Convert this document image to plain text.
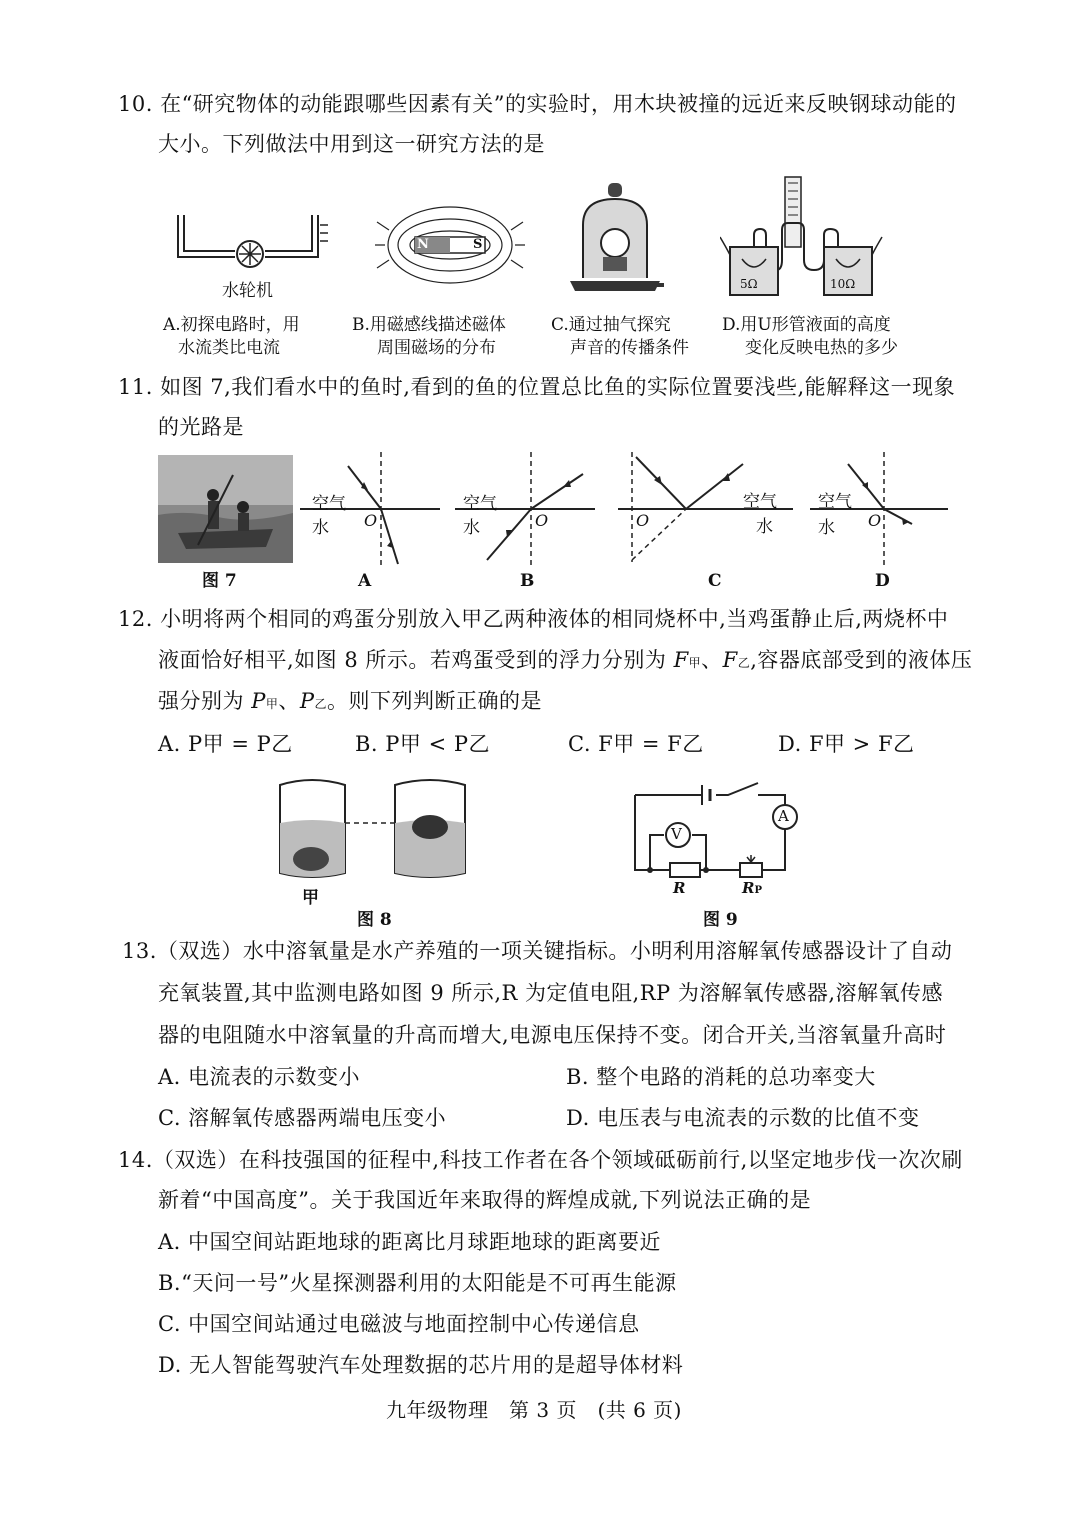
10. 在“研究物体的动能跟哪些因素有关”的实验时，用木块被撞的远近来反映钢球动能的
大小。下列做法中用到这一研究方法的是
水轮机
N	S
5Ω	10Ω
A.初探电路时，用
水流类比电流
B.用磁感线描述磁体
周围磁场的分布
C.通过抽气探究
声音的传播条件
D.用U形管液面的高度
变化反映电热的多少
11. 如图 7,我们看水中的鱼时,看到的鱼的位置总比鱼的实际位置要浅些,能解释这一现象
的光路是
图 7
空气
水 O
A
空气
水	O
B
O
空气
水
C
空气
水 O
D
12. 小明将两个相同的鸡蛋分别放入甲乙两种液体的相同烧杯中,当鸡蛋静止后,两烧杯中
液面恰好相平,如图 8 所示。若鸡蛋受到的浮力分别为 F甲、F乙,容器底部受到的液体压
强分别为 P甲、P乙。则下列判断正确的是
A. P甲 = P乙	B. P甲 < P乙	C. F甲 = F乙	D. F甲 > F乙
甲
图 8
V
A
R	RP
图 9
13.（双选）水中溶氧量是水产养殖的一项关键指标。小明利用溶解氧传感器设计了自动
充氧装置,其中监测电路如图 9 所示,R 为定值电阻,RP 为溶解氧传感器,溶解氧传感
器的电阻随水中溶氧量的升高而增大,电源电压保持不变。闭合开关,当溶氧量升高时
A. 电流表的示数变小	B. 整个电路的消耗的总功率变大
C. 溶解氧传感器两端电压变小	D. 电压表与电流表的示数的比值不变
14.（双选）在科技强国的征程中,科技工作者在各个领域砥砺前行,以坚定地步伐一次次刷
新着“中国高度”。关于我国近年来取得的辉煌成就,下列说法正确的是
A. 中国空间站距地球的距离比月球距地球的距离要近
B.“天问一号”火星探测器利用的太阳能是不可再生能源
C. 中国空间站通过电磁波与地面控制中心传递信息
D. 无人智能驾驶汽车处理数据的芯片用的是超导体材料
九年级物理　第 3 页　(共 6 页)
